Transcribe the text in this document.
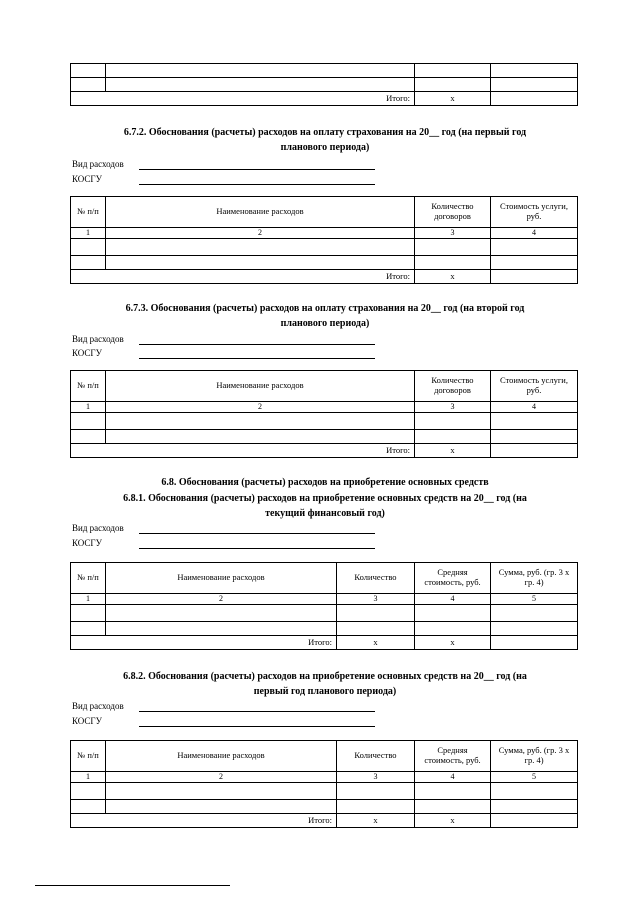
Итого:		x	
6.7.2. Обоснования (расчеты) расходов на оплату страхования на 20__ год (на первый год
планового периода)
Вид расходов
КОСГУ
№ п/п	Наименование расходов	Количество договоров	Стоимость услуги, руб.
1	2	3	4

Итого:		x	
6.7.3. Обоснования (расчеты) расходов на оплату страхования на 20__ год (на второй год
планового периода)
Вид расходов
КОСГУ
№ п/п	Наименование расходов	Количество договоров	Стоимость услуги, руб.
1	2	3	4

Итого:		x	
6.8. Обоснования (расчеты) расходов на приобретение основных средств
6.8.1. Обоснования (расчеты) расходов на приобретение основных средств на 20__ год (на
текущий финансовый год)
Вид расходов
КОСГУ
№ п/п	Наименование расходов	Количество	Средняя стоимость, руб.	Сумма, руб. (гр. 3 x гр. 4)
1	2	3	4	5

Итого:		x	x	
6.8.2. Обоснования (расчеты) расходов на приобретение основных средств на 20__ год (на
первый год планового периода)
Вид расходов
КОСГУ
№ п/п	Наименование расходов	Количество	Средняя стоимость, руб.	Сумма, руб. (гр. 3 x гр. 4)
1	2	3	4	5

Итого:		x	x	
